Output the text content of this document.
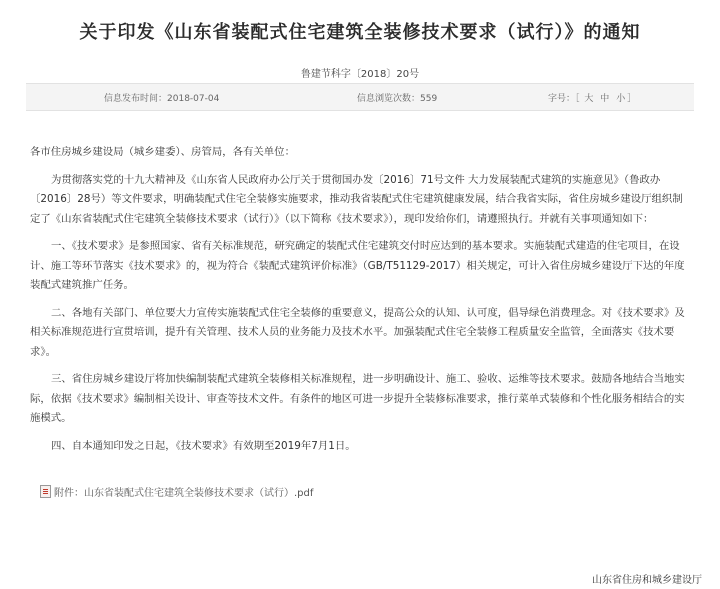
关于印发《山东省装配式住宅建筑全装修技术要求（试行）》的通知
鲁建节科字〔2018〕20号
信息发布时间：2018-07-04	信息浏览次数：559	字号：［ 大 中 小 ］

各市住房城乡建设局（城乡建委）、房管局，各有关单位：

为贯彻落实党的十九大精神及《山东省人民政府办公厅关于贯彻国办发〔2016〕71号文件 大力发展装配式建筑的实施意见》（鲁政办〔2016〕28号）等文件要求，明确装配式住宅全装修实施要求，推动我省装配式住宅建筑健康发展，结合我省实际，省住房城乡建设厅组织制定了《山东省装配式住宅建筑全装修技术要求（试行）》（以下简称《技术要求》），现印发给你们，请遵照执行。并就有关事项通知如下：

一、《技术要求》是参照国家、省有关标准规范，研究确定的装配式住宅建筑交付时应达到的基本要求。实施装配式建造的住宅项目，在设计、施工等环节落实《技术要求》的，视为符合《装配式建筑评价标准》（GB/T51129-2017）相关规定，可计入省住房城乡建设厅下达的年度装配式建筑推广任务。

二、各地有关部门、单位要大力宣传实施装配式住宅全装修的重要意义，提高公众的认知、认可度，倡导绿色消费理念。对《技术要求》及相关标准规范进行宣贯培训，提升有关管理、技术人员的业务能力及技术水平。加强装配式住宅全装修工程质量安全监管，全面落实《技术要求》。

三、省住房城乡建设厅将加快编制装配式建筑全装修相关标准规程，进一步明确设计、施工、验收、运维等技术要求。鼓励各地结合当地实际，依据《技术要求》编制相关设计、审查等技术文件。有条件的地区可进一步提升全装修标准要求，推行菜单式装修和个性化服务相结合的实施模式。

四、自本通知印发之日起，《技术要求》有效期至2019年7月1日。

附件：山东省装配式住宅建筑全装修技术要求（试行）.pdf
山东省住房和城乡建设厅
